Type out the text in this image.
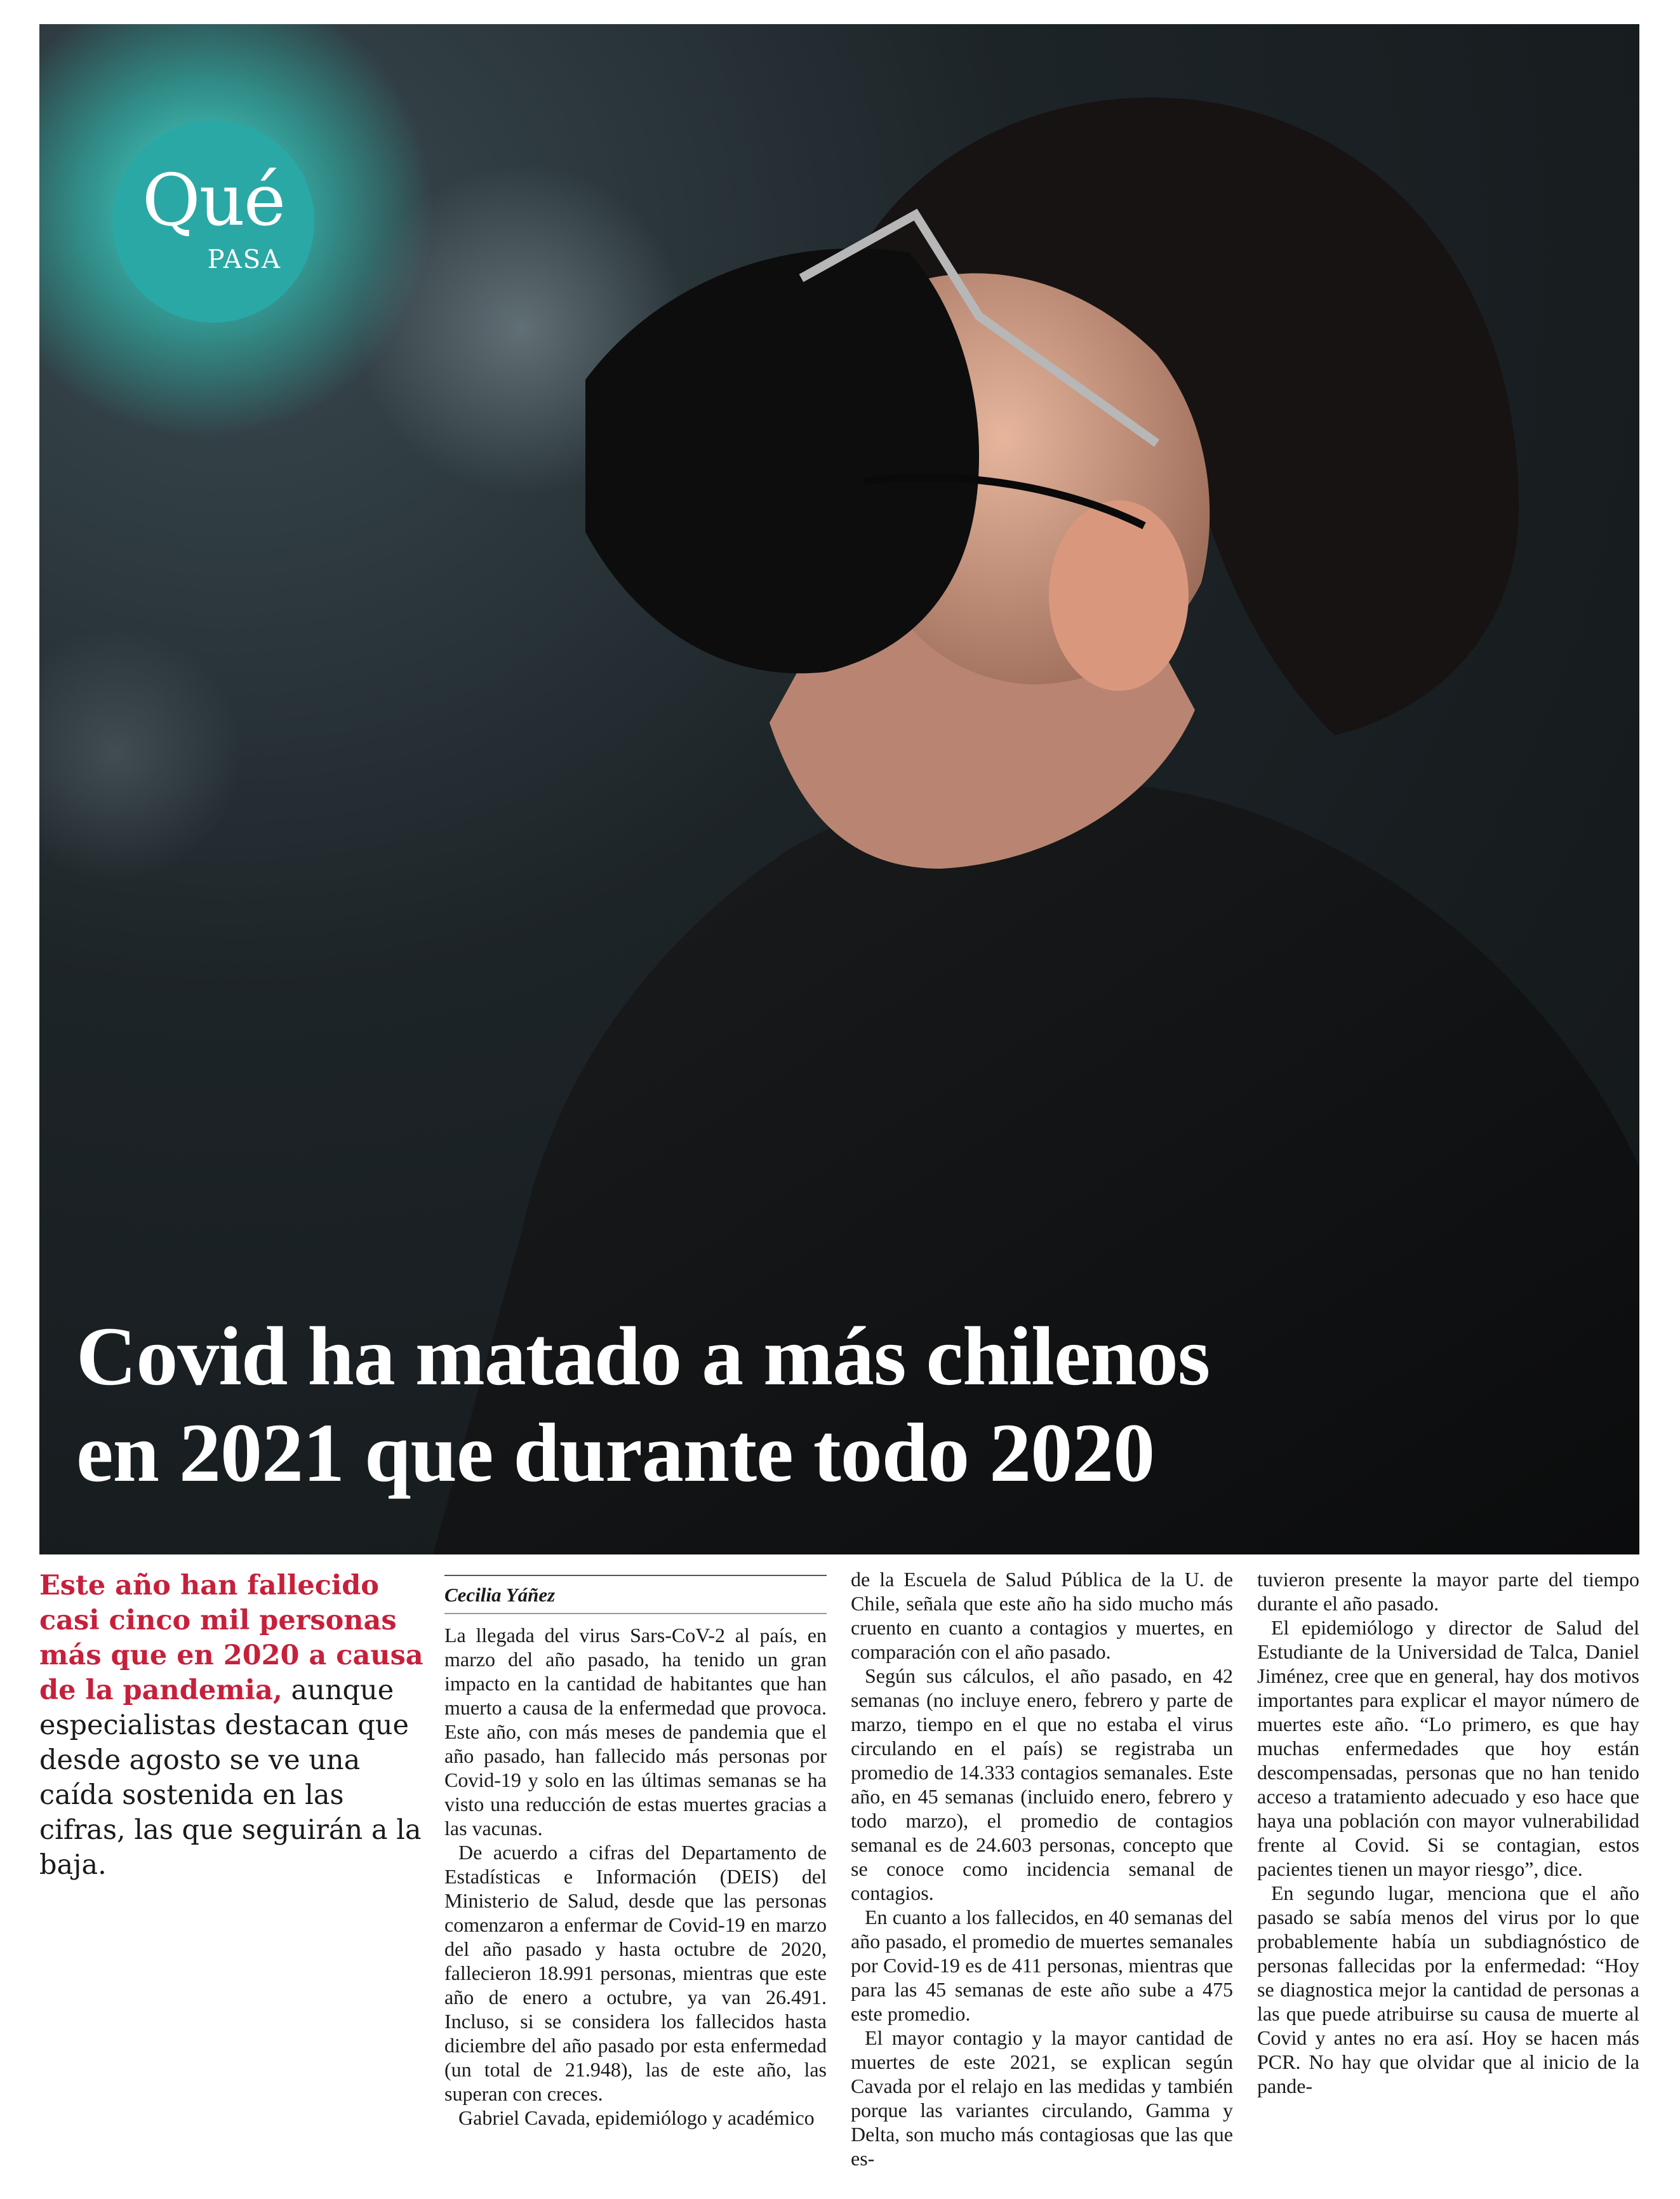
Qué
PASA
Covid ha matado a más chilenos
en 2021 que durante todo 2020
Este año han fallecido casi cinco mil personas más que en 2020 a causa de la pandemia, aunque especialistas destacan que desde agosto se ve una caída sostenida en las cifras, las que seguirán a la baja.
Cecilia Yáñez

La llegada del virus Sars-CoV-2 al país, en marzo del año pasado, ha tenido un gran impacto en la cantidad de habitantes que han muerto a causa de la enfermedad que provoca. Este año, con más meses de pandemia que el año pasado, han fallecido más personas por Covid-19 y solo en las últimas semanas se ha visto una reducción de estas muertes gracias a las vacunas.

De acuerdo a cifras del Departamento de Estadísticas e Información (DEIS) del Ministerio de Salud, desde que las personas comenzaron a enfermar de Covid-19 en marzo del año pasado y hasta octubre de 2020, fallecieron 18.991 personas, mientras que este año de enero a octubre, ya van 26.491. Incluso, si se considera los fallecidos hasta diciembre del año pasado por esta enfermedad (un total de 21.948), las de este año, las superan con creces.

Gabriel Cavada, epidemiólogo y académico

de la Escuela de Salud Pública de la U. de Chile, señala que este año ha sido mucho más cruento en cuanto a contagios y muertes, en comparación con el año pasado.

Según sus cálculos, el año pasado, en 42 semanas (no incluye enero, febrero y parte de marzo, tiempo en el que no estaba el virus circulando en el país) se registraba un promedio de 14.333 contagios semanales. Este año, en 45 semanas (incluido enero, febrero y todo marzo), el promedio de contagios semanal es de 24.603 personas, concepto que se conoce como incidencia semanal de contagios.

En cuanto a los fallecidos, en 40 semanas del año pasado, el promedio de muertes semanales por Covid-19 es de 411 personas, mientras que para las 45 semanas de este año sube a 475 este promedio.

El mayor contagio y la mayor cantidad de muertes de este 2021, se explican según Cavada por el relajo en las medidas y también porque las variantes circulando, Gamma y Delta, son mucho más contagiosas que las que es-

tuvieron presente la mayor parte del tiempo durante el año pasado.

El epidemiólogo y director de Salud del Estudiante de la Universidad de Talca, Daniel Jiménez, cree que en general, hay dos motivos importantes para explicar el mayor número de muertes este año. “Lo primero, es que hay muchas enfermedades que hoy están descompensadas, personas que no han tenido acceso a tratamiento adecuado y eso hace que haya una población con mayor vulnerabilidad frente al Covid. Si se contagian, estos pacientes tienen un mayor riesgo”, dice.

En segundo lugar, menciona que el año pasado se sabía menos del virus por lo que probablemente había un subdiagnóstico de personas fallecidas por la enfermedad: “Hoy se diagnostica mejor la cantidad de personas a las que puede atribuirse su causa de muerte al Covid y antes no era así. Hoy se hacen más PCR. No hay que olvidar que al inicio de la pande-
